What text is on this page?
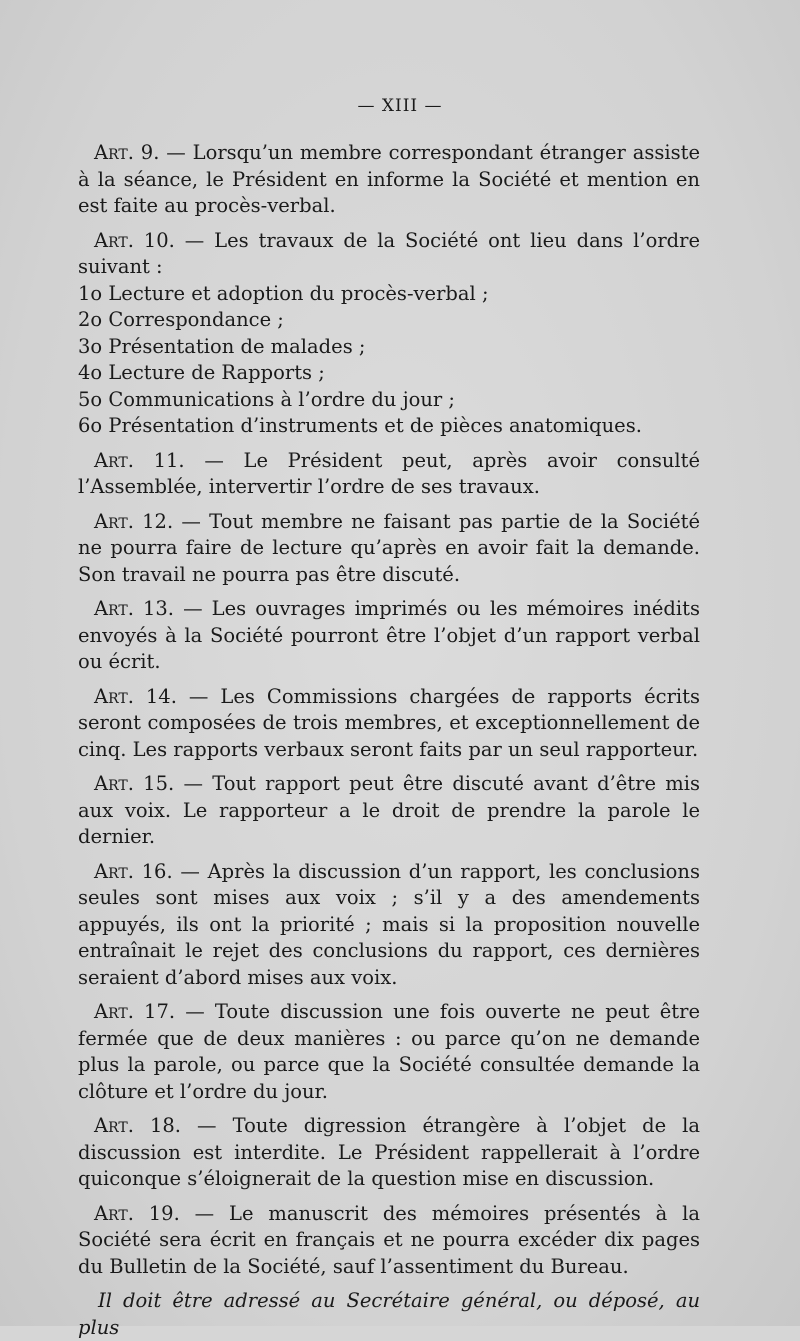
— XIII —

Art. 9. — Lorsqu’un membre correspondant étranger assiste à la séance, le Président en informe la Société et mention en est faite au procès-verbal.

Art. 10. — Les travaux de la Société ont lieu dans l’ordre suivant :
1o Lecture et adoption du procès-verbal ;
2o Correspondance ;
3o Présentation de malades ;
4o Lecture de Rapports ;
5o Communications à l’ordre du jour ;
6o Présentation d’instruments et de pièces anatomiques.

Art. 11. — Le Président peut, après avoir consulté l’Assemblée, intervertir l’ordre de ses travaux.

Art. 12. — Tout membre ne faisant pas partie de la Société ne pourra faire de lecture qu’après en avoir fait la demande. Son travail ne pourra pas être discuté.

Art. 13. — Les ouvrages imprimés ou les mémoires inédits envoyés à la Société pourront être l’objet d’un rapport verbal ou écrit.

Art. 14. — Les Commissions chargées de rapports écrits seront composées de trois membres, et exceptionnellement de cinq. Les rapports verbaux seront faits par un seul rapporteur.

Art. 15. — Tout rapport peut être discuté avant d’être mis aux voix. Le rapporteur a le droit de prendre la parole le dernier.

Art. 16. — Après la discussion d’un rapport, les conclusions seules sont mises aux voix ; s’il y a des amendements appuyés, ils ont la priorité ; mais si la proposition nouvelle entraînait le rejet des conclusions du rapport, ces dernières seraient d’abord mises aux voix.

Art. 17. — Toute discussion une fois ouverte ne peut être fermée que de deux manières : ou parce qu’on ne demande plus la parole, ou parce que la Société consultée demande la clôture et l’ordre du jour.

Art. 18. — Toute digression étrangère à l’objet de la discussion est interdite. Le Président rappellerait à l’ordre quiconque s’éloignerait de la question mise en discussion.

Art. 19. — Le manuscrit des mémoires présentés à la Société sera écrit en français et ne pourra excéder dix pages du Bulletin de la Société, sauf l’assentiment du Bureau.

Il doit être adressé au Secrétaire général, ou déposé, au plus
